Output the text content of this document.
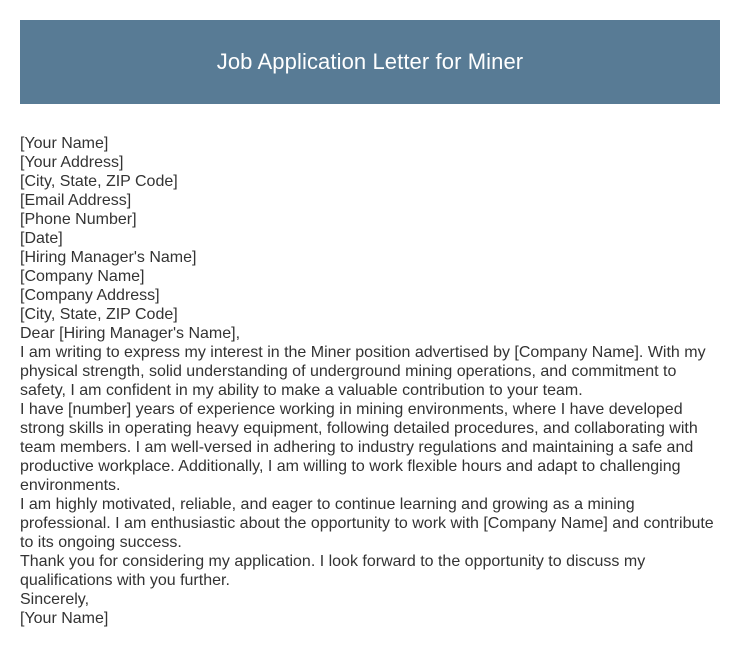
Job Application Letter for Miner
[Your Name]
[Your Address]
[City, State, ZIP Code]
[Email Address]
[Phone Number]
[Date]
[Hiring Manager's Name]
[Company Name]
[Company Address]
[City, State, ZIP Code]
Dear [Hiring Manager's Name],
I am writing to express my interest in the Miner position advertised by [Company Name]. With my physical strength, solid understanding of underground mining operations, and commitment to safety, I am confident in my ability to make a valuable contribution to your team.
I have [number] years of experience working in mining environments, where I have developed strong skills in operating heavy equipment, following detailed procedures, and collaborating with team members. I am well-versed in adhering to industry regulations and maintaining a safe and productive workplace. Additionally, I am willing to work flexible hours and adapt to challenging environments.
I am highly motivated, reliable, and eager to continue learning and growing as a mining professional. I am enthusiastic about the opportunity to work with [Company Name] and contribute to its ongoing success.
Thank you for considering my application. I look forward to the opportunity to discuss my qualifications with you further.
Sincerely,
[Your Name]
